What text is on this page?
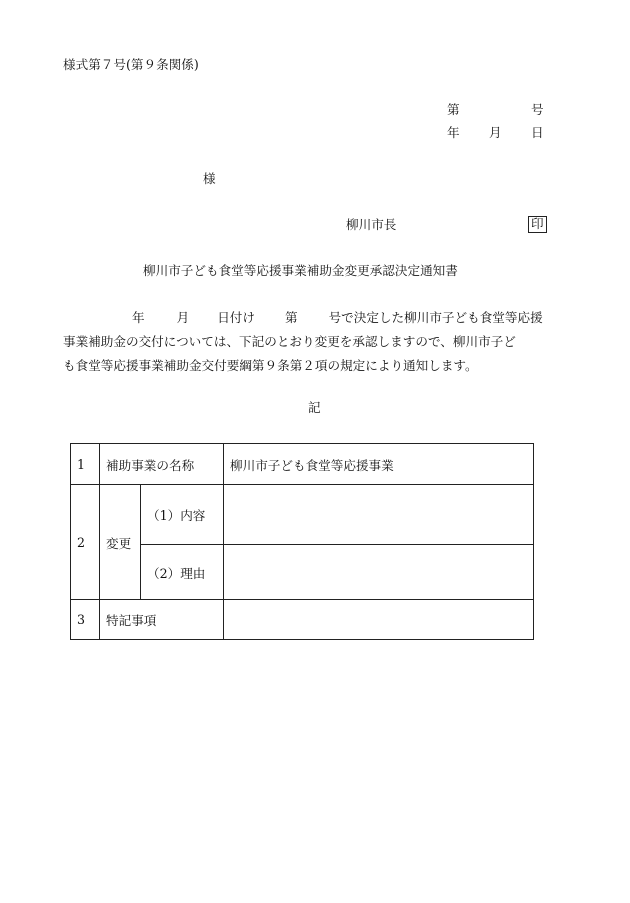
様式第７号(第９条関係)
第	号
年 月 日
様
柳川市長	印
柳川市子ども食堂等応援事業補助金変更承認決定通知書
年	月 日付け 第 号で決定した柳川市子ども食堂等応援
事業補助金の交付については、下記のとおり変更を承認しますので、柳川市子ど
も食堂等応援事業補助金交付要綱第９条第２項の規定により通知します。
記
1	補助事業の名称		柳川市子ども食堂等応援事業
2	変更	（1）内容	
		（2）理由	
3	特記事項		
